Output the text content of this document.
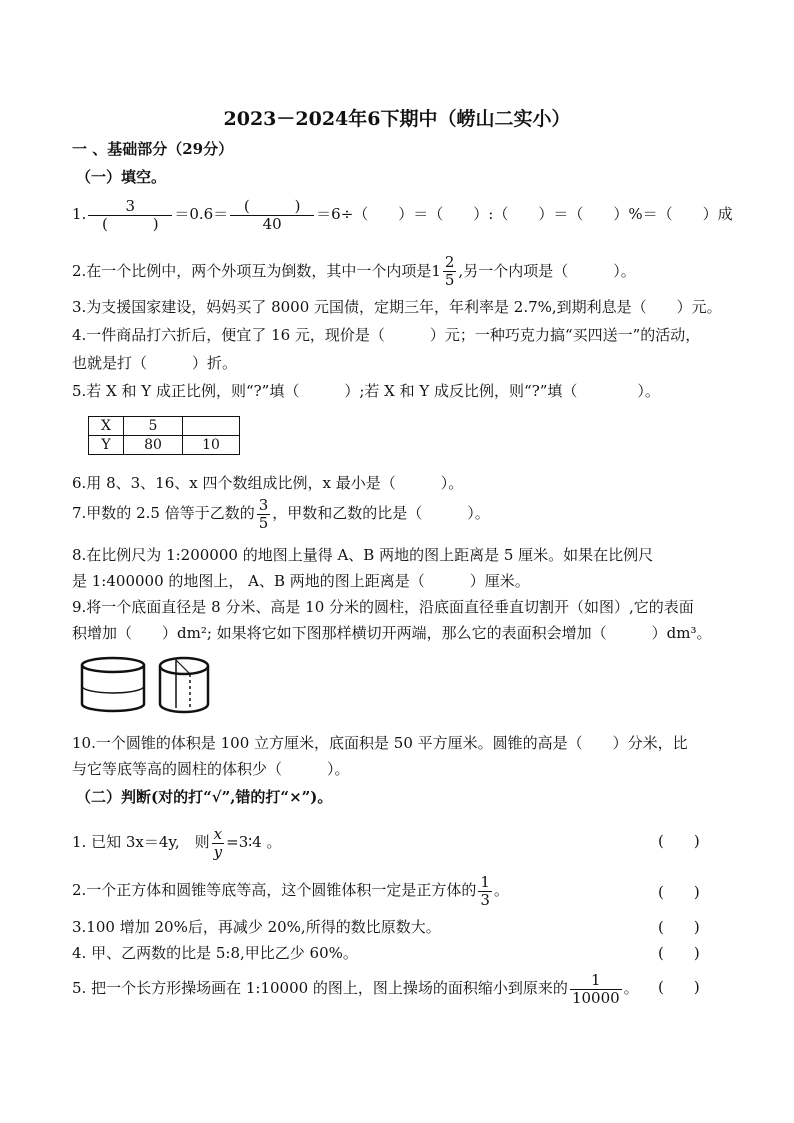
2023－2024年6下期中（崂山二实小）
一 、基础部分（29分）
（一）填空。
1. $\frac{3}{( )} =0.6= \frac{( )}{40} =6\div$（　　）＝（　　）:（　　）＝（　　）%＝（　　）成
2.在一个比例中，两个外项互为倒数，其中一个内项是 $1 \frac{2}{5}$ ,另一个内项是（　　　）。
3.为支援国家建设，妈妈买了 8000 元国债，定期三年，年利率是 2.7%,到期利息是（　　）元。
4.一件商品打六折后，便宜了 16 元，现价是（　　　）元；一种巧克力搞“买四送一”的活动，
也就是打（　　　）折。
5.若 X 和 Y 成正比例，则“?”填（　　　）;若 X 和 Y 成反比例，则“?”填（　　　　）。
X	5	
Y	80	10
6.用 8、3、16、x 四个数组成比例，x 最小是（　　　）。
7.甲数的 2.5 倍等于乙数的 $\frac{3}{5}$ ，甲数和乙数的比是（　　　）。
8.在比例尺为 1:200000 的地图上量得 A、B 两地的图上距离是 5 厘米。如果在比例尺
是 1:400000 的地图上， A、B 两地的图上距离是（　　　）厘米。
9.将一个底面直径是 8 分米、高是 10 分米的圆柱，沿底面直径垂直切割开（如图）,它的表面
积增加（　　）dm²; 如果将它如下图那样横切开两端，那么它的表面积会增加（　　　）dm³。
10.一个圆锥的体积是 100 立方厘米，底面积是 50 平方厘米。圆锥的高是（　　）分米，比
与它等底等高的圆柱的体积少（　　　）。
（二）判断(对的打“√”,错的打“×”)。
1. 已知 3x＝4y,　则 $\frac{x}{y}$ =3∶4 。	(　　)
2.一个正方体和圆锥等底等高，这个圆锥体积一定是正方体的 $\frac{1}{3}$ 。	(　　)
3.100 增加 20%后，再减少 20%,所得的数比原数大。	(　　)
4. 甲、乙两数的比是 5:8,甲比乙少 60%。	(　　)
5. 把一个长方形操场画在 1:10000 的图上，图上操场的面积缩小到原来的 $\frac{1}{10000}$ 。 (　　)
